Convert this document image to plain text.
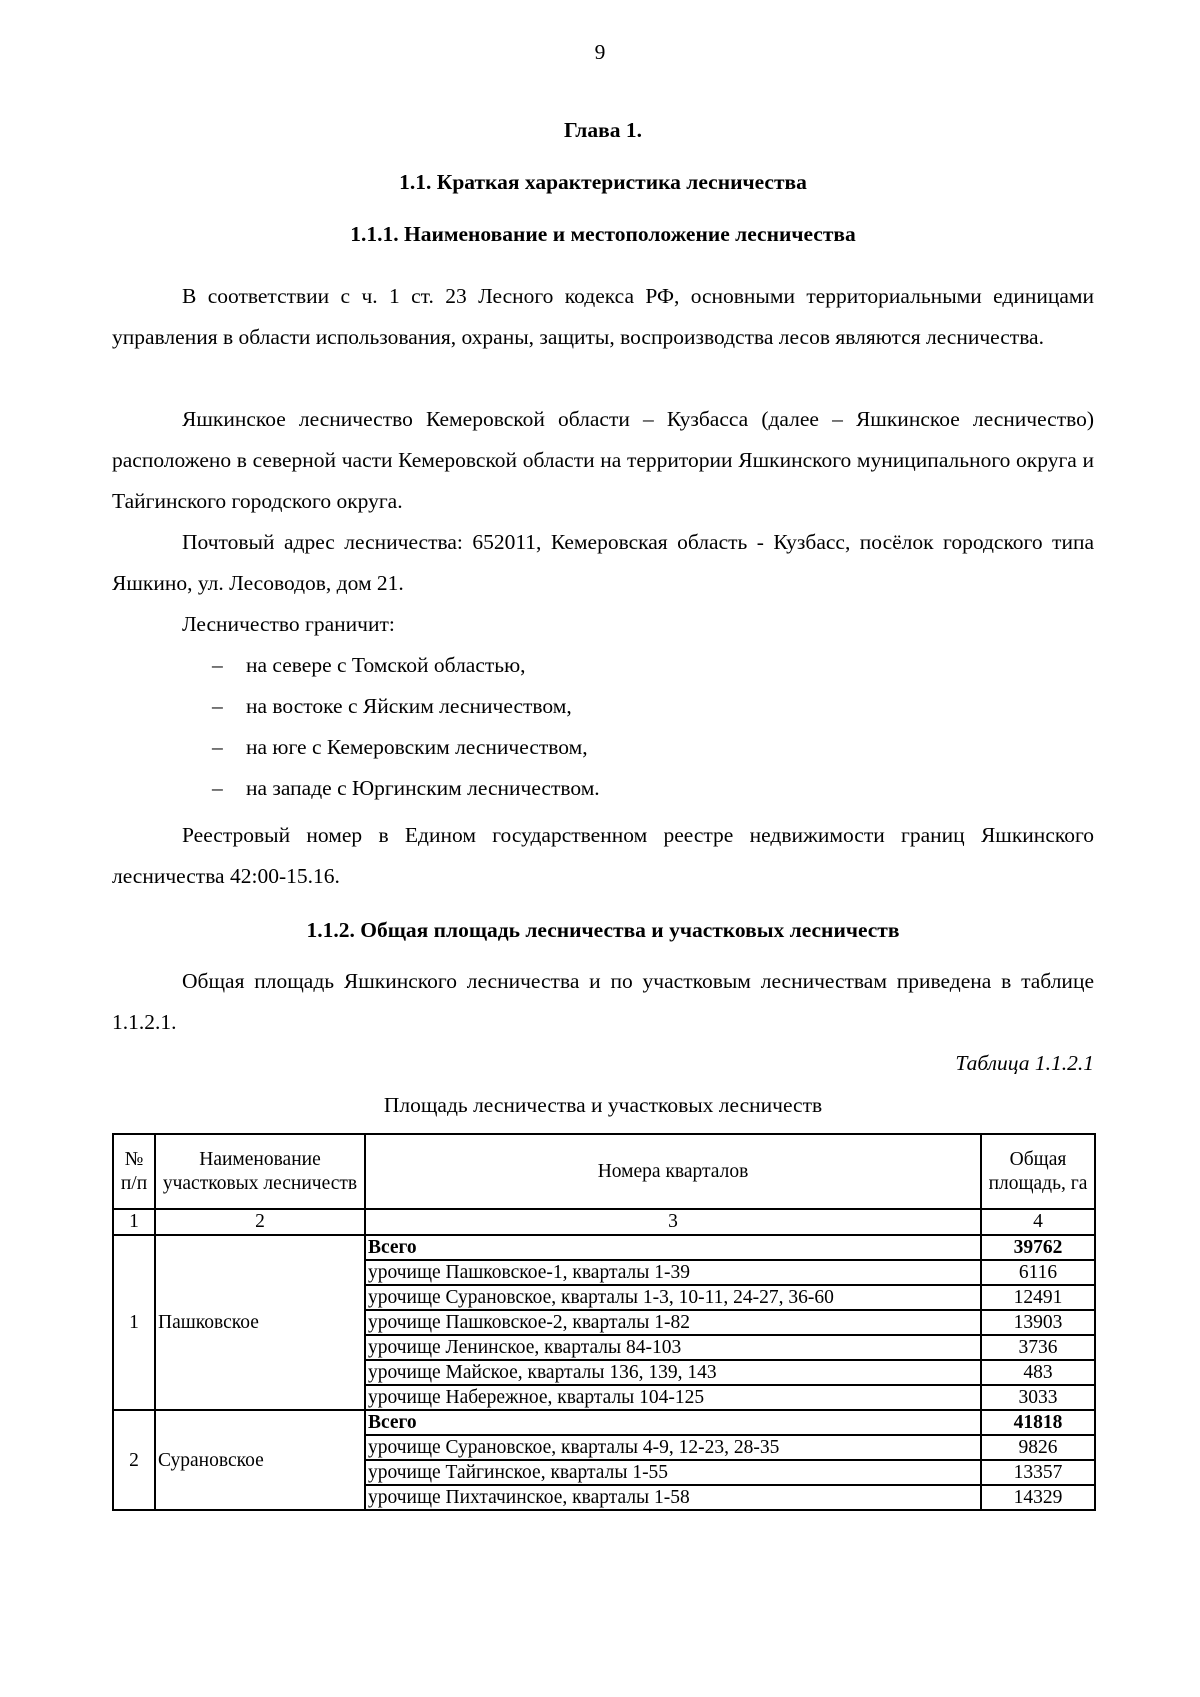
9
Глава 1.
1.1. Краткая характеристика лесничества
1.1.1. Наименование и местоположение лесничества
В соответствии с ч. 1 ст. 23 Лесного кодекса РФ, основными территориальными единицами управления в области использования, охраны, защиты, воспроизводства лесов являются лесничества.
Яшкинское лесничество Кемеровской области – Кузбасса (далее – Яшкинское лесничество) расположено в северной части Кемеровской области на территории Яшкинского муниципального округа и Тайгинского городского округа.
Почтовый адрес лесничества: 652011, Кемеровская область - Кузбасс, посёлок городского типа Яшкино, ул. Лесоводов, дом 21.
Лесничество граничит:
– на севере с Томской областью,
– на востоке с Яйским лесничеством,
– на юге с Кемеровским лесничеством,
– на западе с Юргинским лесничеством.
Реестровый номер в Едином государственном реестре недвижимости границ Яшкинского лесничества 42:00-15.16.
1.1.2. Общая площадь лесничества и участковых лесничеств
Общая площадь Яшкинского лесничества и по участковым лесничествам приведена в таблице 1.1.2.1.
Таблица 1.1.2.1
Площадь лесничества и участковых лесничеств
№ п/п	Наименование участковых лесничеств	Номера кварталов	Общая площадь, га
1	2	3	4
1	Пашковское	Всего	39762
		урочище Пашковское-1, кварталы 1-39	6116
		урочище Сурановское, кварталы 1-3, 10-11, 24-27, 36-60	12491
		урочище Пашковское-2, кварталы 1-82	13903
		урочище Ленинское, кварталы 84-103	3736
		урочище Майское, кварталы 136, 139, 143	483
		урочище Набережное, кварталы 104-125	3033
2	Сурановское	Всего	41818
		урочище Сурановское, кварталы 4-9, 12-23, 28-35	9826
		урочище Тайгинское, кварталы 1-55	13357
		урочище Пихтачинское, кварталы 1-58	14329
